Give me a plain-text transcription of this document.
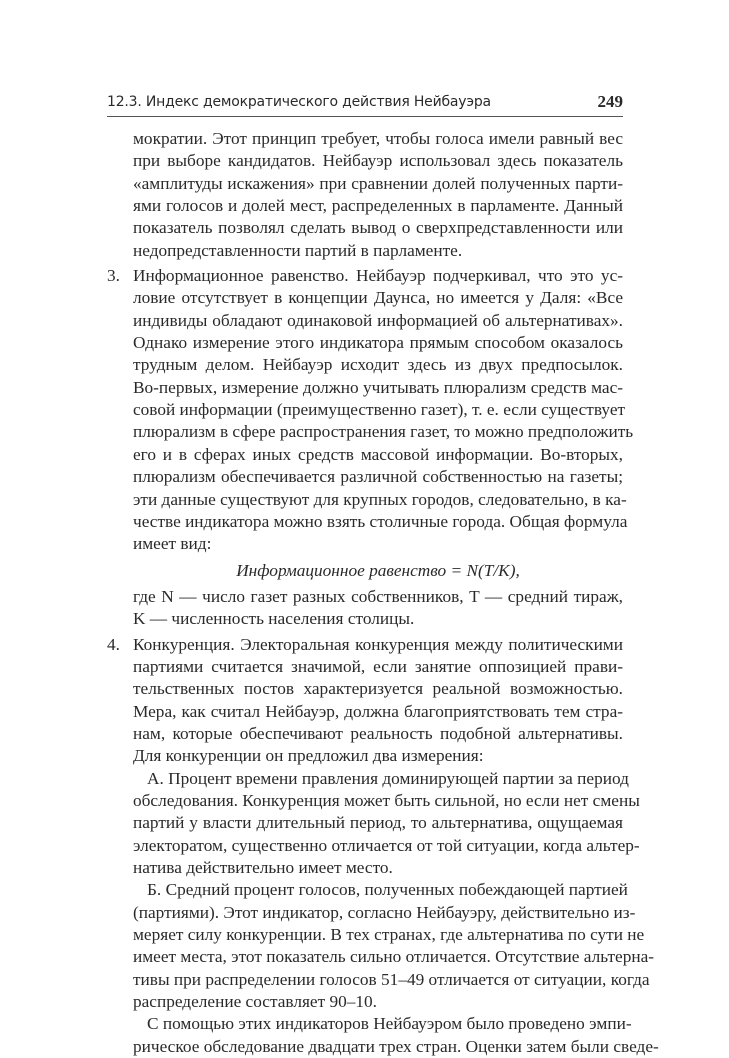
12.3. Индекс демократического действия Нейбауэра	249
мократии. Этот принцип требует, чтобы голоса имели равный вес
при выборе кандидатов. Нейбауэр использовал здесь показатель
«амплитуды искажения» при сравнении долей полученных парти-
ями голосов и долей мест, распределенных в парламенте. Данный
показатель позволял сделать вывод о сверхпредставленности или
недопредставленности партий в парламенте.
3. Информационное равенство. Нейбауэр подчеркивал, что это ус-
ловие отсутствует в концепции Даунса, но имеется у Даля: «Все
индивиды обладают одинаковой информацией об альтернативах».
Однако измерение этого индикатора прямым способом оказалось
трудным делом. Нейбауэр исходит здесь из двух предпосылок.
Во-первых, измерение должно учитывать плюрализм средств мас-
совой информации (преимущественно газет), т. е. если существует
плюрализм в сфере распространения газет, то можно предположить
его и в сферах иных средств массовой информации. Во-вторых,
плюрализм обеспечивается различной собственностью на газеты;
эти данные существуют для крупных городов, следовательно, в ка-
честве индикатора можно взять столичные города. Общая формула
имеет вид:
Информационное равенство = N(T/K),
где N — число газет разных собственников, T — средний тираж,
K — численность населения столицы.
4. Конкуренция. Электоральная конкуренция между политическими
партиями считается значимой, если занятие оппозицией прави-
тельственных постов характеризуется реальной возможностью.
Мера, как считал Нейбауэр, должна благоприятствовать тем стра-
нам, которые обеспечивают реальность подобной альтернативы.
Для конкуренции он предложил два измерения:
А. Процент времени правления доминирующей партии за период
обследования. Конкуренция может быть сильной, но если нет смены
партий у власти длительный период, то альтернатива, ощущаемая
электоратом, существенно отличается от той ситуации, когда альтер-
натива действительно имеет место.
Б. Средний процент голосов, полученных побеждающей партией
(партиями). Этот индикатор, согласно Нейбауэру, действительно из-
меряет силу конкуренции. В тех странах, где альтернатива по сути не
имеет места, этот показатель сильно отличается. Отсутствие альтерна-
тивы при распределении голосов 51–49 отличается от ситуации, когда
распределение составляет 90–10.
С помощью этих индикаторов Нейбауэром было проведено эмпи-
рическое обследование двадцати трех стран. Оценки затем были сведе-
